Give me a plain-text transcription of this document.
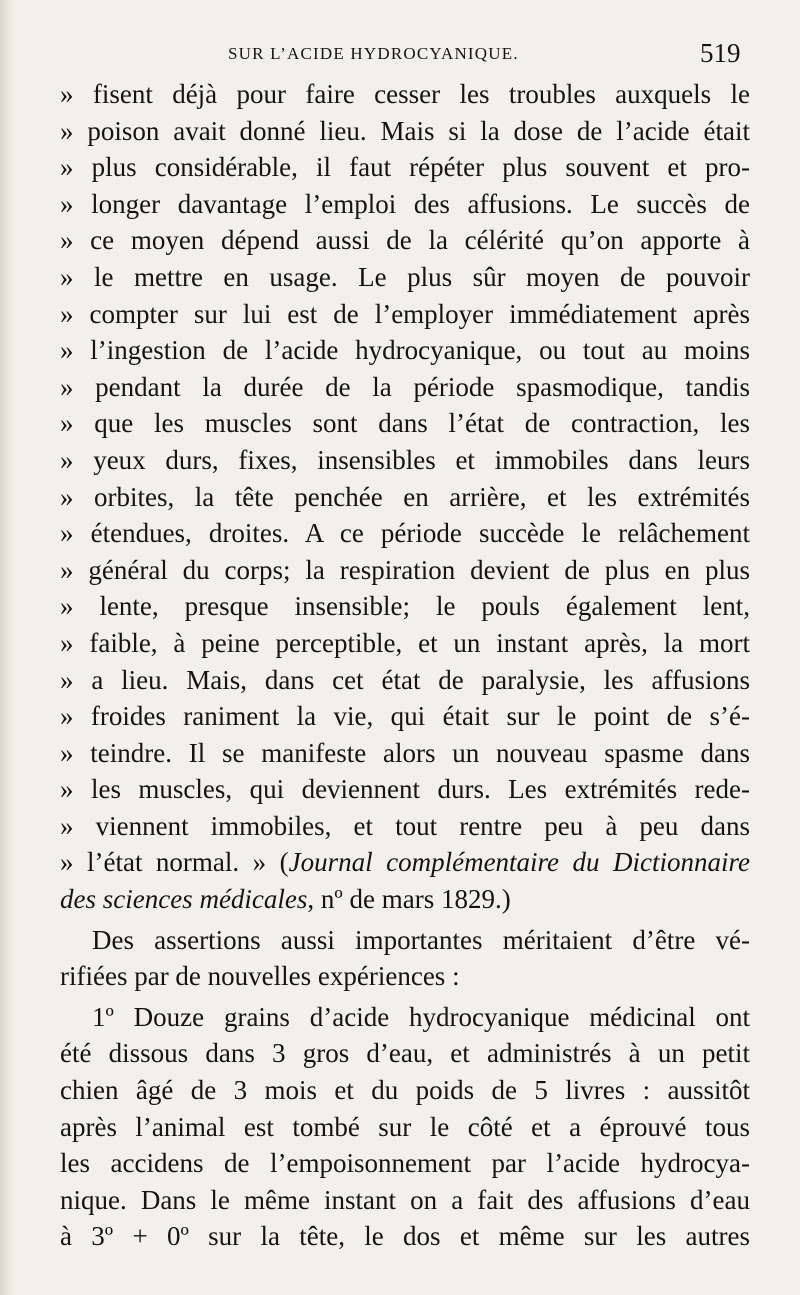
SUR L’ACIDE HYDROCYANIQUE.	519
» fisent déjà pour faire cesser les troubles auxquels le
» poison avait donné lieu. Mais si la dose de l’acide était
» plus considérable, il faut répéter plus souvent et pro-
» longer davantage l’emploi des affusions. Le succès de
» ce moyen dépend aussi de la célérité qu’on apporte à
» le mettre en usage. Le plus sûr moyen de pouvoir
» compter sur lui est de l’employer immédiatement après
» l’ingestion de l’acide hydrocyanique, ou tout au moins
» pendant la durée de la période spasmodique, tandis
» que les muscles sont dans l’état de contraction, les
» yeux durs, fixes, insensibles et immobiles dans leurs
» orbites, la tête penchée en arrière, et les extrémités
» étendues, droites. A ce période succède le relâchement
» général du corps; la respiration devient de plus en plus
» lente, presque insensible; le pouls également lent,
» faible, à peine perceptible, et un instant après, la mort
» a lieu. Mais, dans cet état de paralysie, les affusions
» froides raniment la vie, qui était sur le point de s’é-
» teindre. Il se manifeste alors un nouveau spasme dans
» les muscles, qui deviennent durs. Les extrémités rede-
» viennent immobiles, et tout rentre peu à peu dans
» l’état normal. » (Journal complémentaire du Dictionnaire
des sciences médicales, nº de mars 1829.)
Des assertions aussi importantes méritaient d’être vé-
rifiées par de nouvelles expériences :
1º Douze grains d’acide hydrocyanique médicinal ont
été dissous dans 3 gros d’eau, et administrés à un petit
chien âgé de 3 mois et du poids de 5 livres : aussitôt
après l’animal est tombé sur le côté et a éprouvé tous
les accidens de l’empoisonnement par l’acide hydrocya-
nique. Dans le même instant on a fait des affusions d’eau
à 3º + 0º sur la tête, le dos et même sur les autres
